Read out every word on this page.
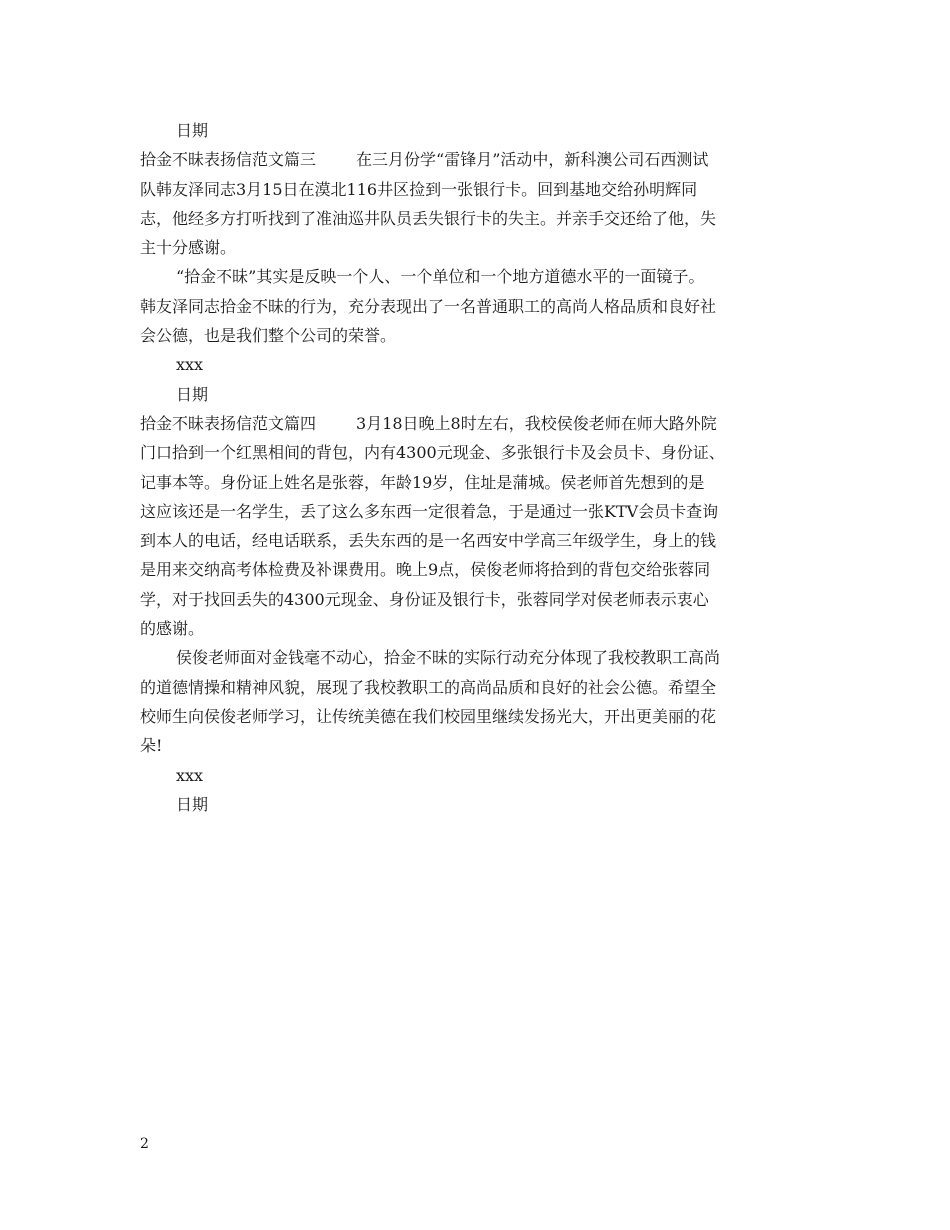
日期
拾金不昧表扬信范文篇三	在三月份学“雷锋月”活动中，新科澳公司石西测试
队韩友泽同志3月15日在漠北116井区捡到一张银行卡。回到基地交给孙明辉同
志，他经多方打听找到了准油巡井队员丢失银行卡的失主。并亲手交还给了他，失
主十分感谢。
“拾金不昧”其实是反映一个人、一个单位和一个地方道德水平的一面镜子。
韩友泽同志拾金不昧的行为，充分表现出了一名普通职工的高尚人格品质和良好社
会公德，也是我们整个公司的荣誉。
xxx
日期
拾金不昧表扬信范文篇四	3月18日晚上8时左右，我校侯俊老师在师大路外院
门口拾到一个红黑相间的背包，内有4300元现金、多张银行卡及会员卡、身份证、
记事本等。身份证上姓名是张蓉，年龄19岁，住址是蒲城。侯老师首先想到的是
这应该还是一名学生，丢了这么多东西一定很着急，于是通过一张KTV会员卡查询
到本人的电话，经电话联系，丢失东西的是一名西安中学高三年级学生，身上的钱
是用来交纳高考体检费及补课费用。晚上9点，侯俊老师将拾到的背包交给张蓉同
学，对于找回丢失的4300元现金、身份证及银行卡，张蓉同学对侯老师表示衷心
的感谢。
侯俊老师面对金钱毫不动心，拾金不昧的实际行动充分体现了我校教职工高尚
的道德情操和精神风貌，展现了我校教职工的高尚品质和良好的社会公德。希望全
校师生向侯俊老师学习，让传统美德在我们校园里继续发扬光大，开出更美丽的花
朵!
xxx
日期
2
